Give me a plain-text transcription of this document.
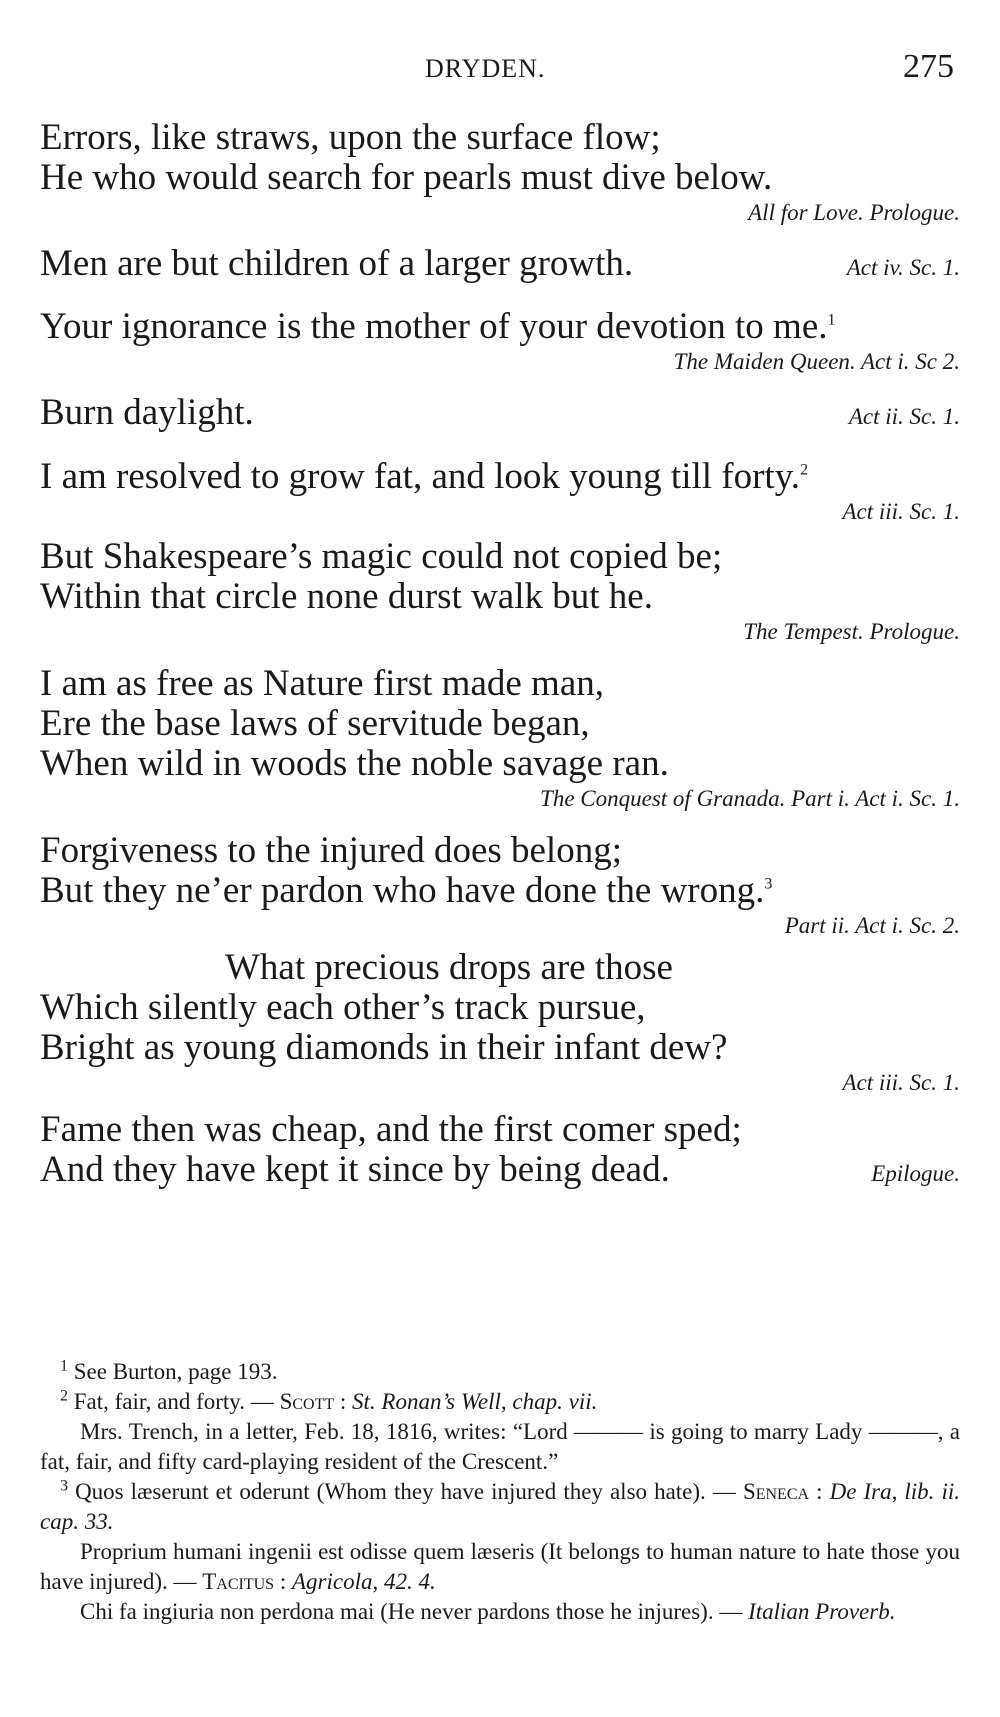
DRYDEN.	275
Errors, like straws, upon the surface flow;
He who would search for pearls must dive below.
All for Love. Prologue.
Men are but children of a larger growth.	Act iv. Sc. 1.
Your ignorance is the mother of your devotion to me.$^1$
The Maiden Queen. Act i. Sc 2.
Burn daylight.	Act ii. Sc. 1.
I am resolved to grow fat, and look young till forty.$^2$
Act iii. Sc. 1.
But Shakespeare’s magic could not copied be;
Within that circle none durst walk but he.
The Tempest. Prologue.
I am as free as Nature first made man,
Ere the base laws of servitude began,
When wild in woods the noble savage ran.
The Conquest of Granada. Part i. Act i. Sc. 1.
Forgiveness to the injured does belong;
But they ne’er pardon who have done the wrong.$^3$
Part ii. Act i. Sc. 2.
What precious drops are those
Which silently each other’s track pursue,
Bright as young diamonds in their infant dew?
Act iii. Sc. 1.
Fame then was cheap, and the first comer sped;
And they have kept it since by being dead.	Epilogue.

$^1$ See Burton, page 193.

$^2$ Fat, fair, and forty. — Scott : St. Ronan’s Well, chap. vii.

Mrs. Trench, in a letter, Feb. 18, 1816, writes: “Lord ——— is going to marry Lady ———, a fat, fair, and fifty card-playing resident of the Crescent.”

$^3$ Quos læserunt et oderunt (Whom they have injured they also hate). — Seneca : De Ira, lib. ii. cap. 33.

Proprium humani ingenii est odisse quem læseris (It belongs to human nature to hate those you have injured). — Tacitus : Agricola, 42. 4.

Chi fa ingiuria non perdona mai (He never pardons those he injures). — Italian Proverb.
